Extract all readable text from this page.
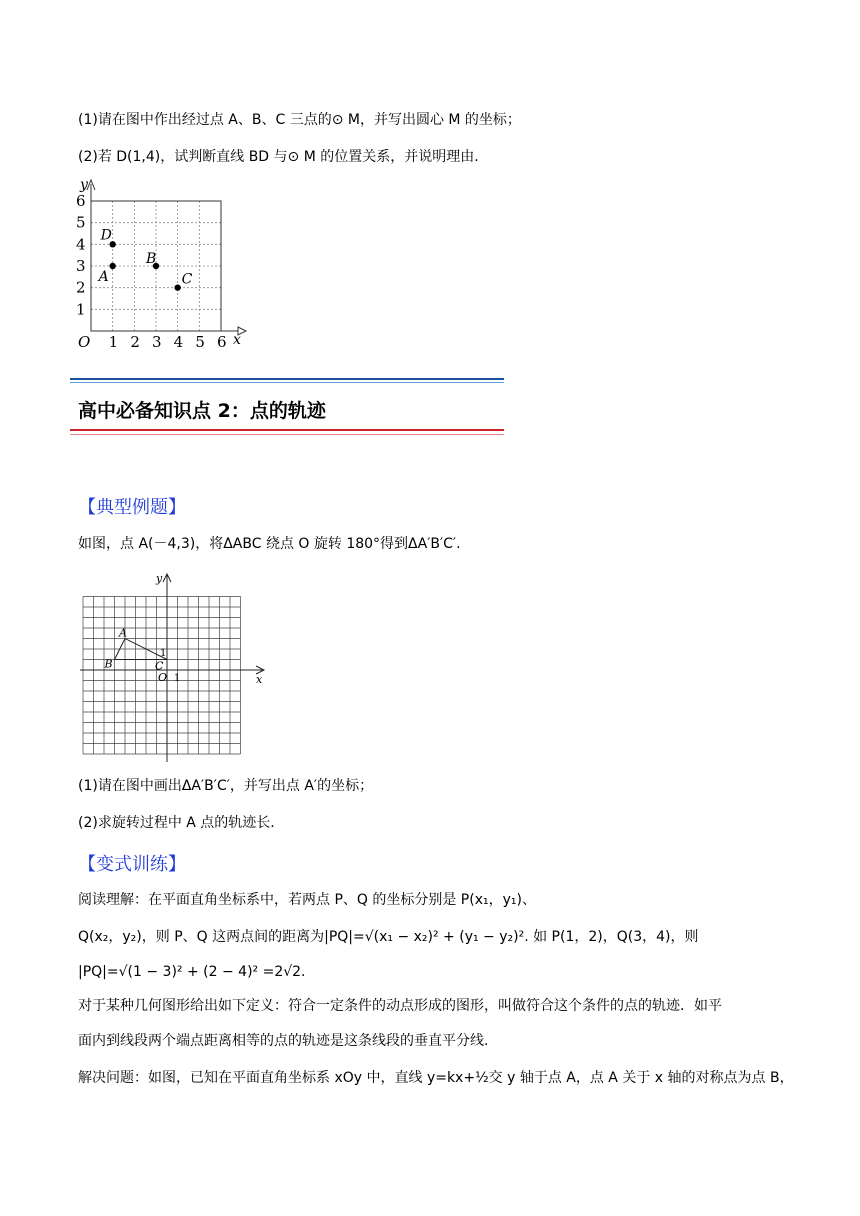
(1)请在图中作出经过点 A、B、C 三点的⊙ M，并写出圆心 M 的坐标；
(2)若 D(1,4)，试判断直线 BD 与⊙ M 的位置关系，并说明理由.
y
x
O
6
5
4
3
2
1
1 2 3 4 5 6
D
A
B
C
高中必备知识点 2：点的轨迹
【典型例题】
如图，点 A(－4,3)，将ΔABC 绕点 O 旋转 180°得到ΔA′B′C′.
y
x
O 1
1
A
B	C
(1)请在图中画出ΔA′B′C′，并写出点 A′的坐标；
(2)求旋转过程中 A 点的轨迹长.
【变式训练】
阅读理解：在平面直角坐标系中，若两点 P、Q 的坐标分别是 P(x₁，y₁)、
Q(x₂，y₂)，则 P、Q 这两点间的距离为|PQ|=√(x₁ − x₂)² + (y₁ − y₂)². 如 P(1，2)，Q(3，4)，则
|PQ|=√(1 − 3)² + (2 − 4)² =2√2.
对于某种几何图形给出如下定义：符合一定条件的动点形成的图形，叫做符合这个条件的点的轨迹．如平
面内到线段两个端点距离相等的点的轨迹是这条线段的垂直平分线.
解决问题：如图，已知在平面直角坐标系 xOy 中，直线 y=kx+½交 y 轴于点 A，点 A 关于 x 轴的对称点为点 B，
